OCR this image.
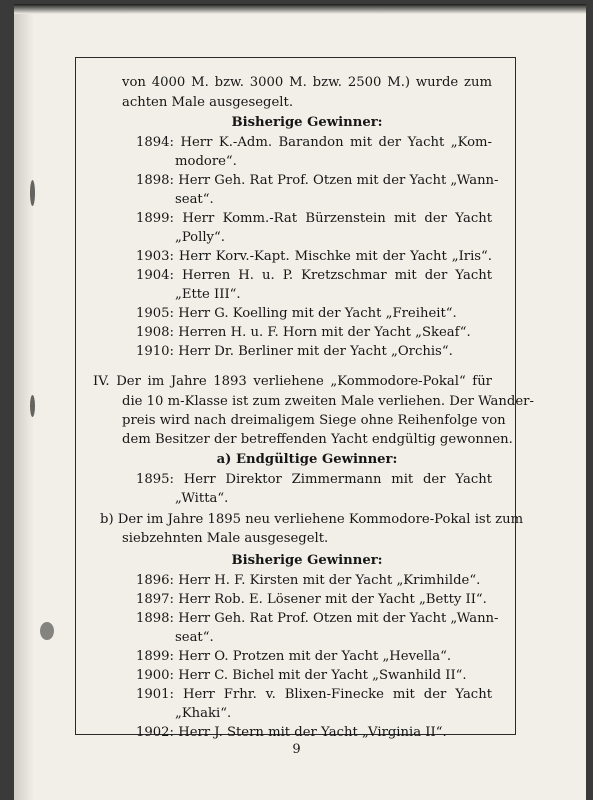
von 4000 M. bzw. 3000 M. bzw. 2500 M.) wurde zum
achten Male ausgesegelt.
Bisherige Gewinner:
1894: Herr K.-Adm. Barandon mit der Yacht „Kom-
modore“.
1898: Herr Geh. Rat Prof. Otzen mit der Yacht „Wann-
seat“.
1899: Herr Komm.-Rat Bürzenstein mit der Yacht
„Polly“.
1903: Herr Korv.-Kapt. Mischke mit der Yacht „Iris“.
1904: Herren H. u. P. Kretzschmar mit der Yacht
„Ette III“.
1905: Herr G. Koelling mit der Yacht „Freiheit“.
1908: Herren H. u. F. Horn mit der Yacht „Skeaf“.
1910: Herr Dr. Berliner mit der Yacht „Orchis“.
IV. Der im Jahre 1893 verliehene „Kommodore-Pokal“ für
die 10 m-Klasse ist zum zweiten Male verliehen. Der Wander-
preis wird nach dreimaligem Siege ohne Reihenfolge von
dem Besitzer der betreffenden Yacht endgültig gewonnen.
a) Endgültige Gewinner:
1895: Herr Direktor Zimmermann mit der Yacht
„Witta“.
b) Der im Jahre 1895 neu verliehene Kommodore-Pokal ist zum
siebzehnten Male ausgesegelt.
Bisherige Gewinner:
1896: Herr H. F. Kirsten mit der Yacht „Krimhilde“.
1897: Herr Rob. E. Lösener mit der Yacht „Betty II“.
1898: Herr Geh. Rat Prof. Otzen mit der Yacht „Wann-
seat“.
1899: Herr O. Protzen mit der Yacht „Hevella“.
1900: Herr C. Bichel mit der Yacht „Swanhild II“.
1901: Herr Frhr. v. Blixen-Finecke mit der Yacht
„Khaki“.
1902: Herr J. Stern mit der Yacht „Virginia II“.
9
